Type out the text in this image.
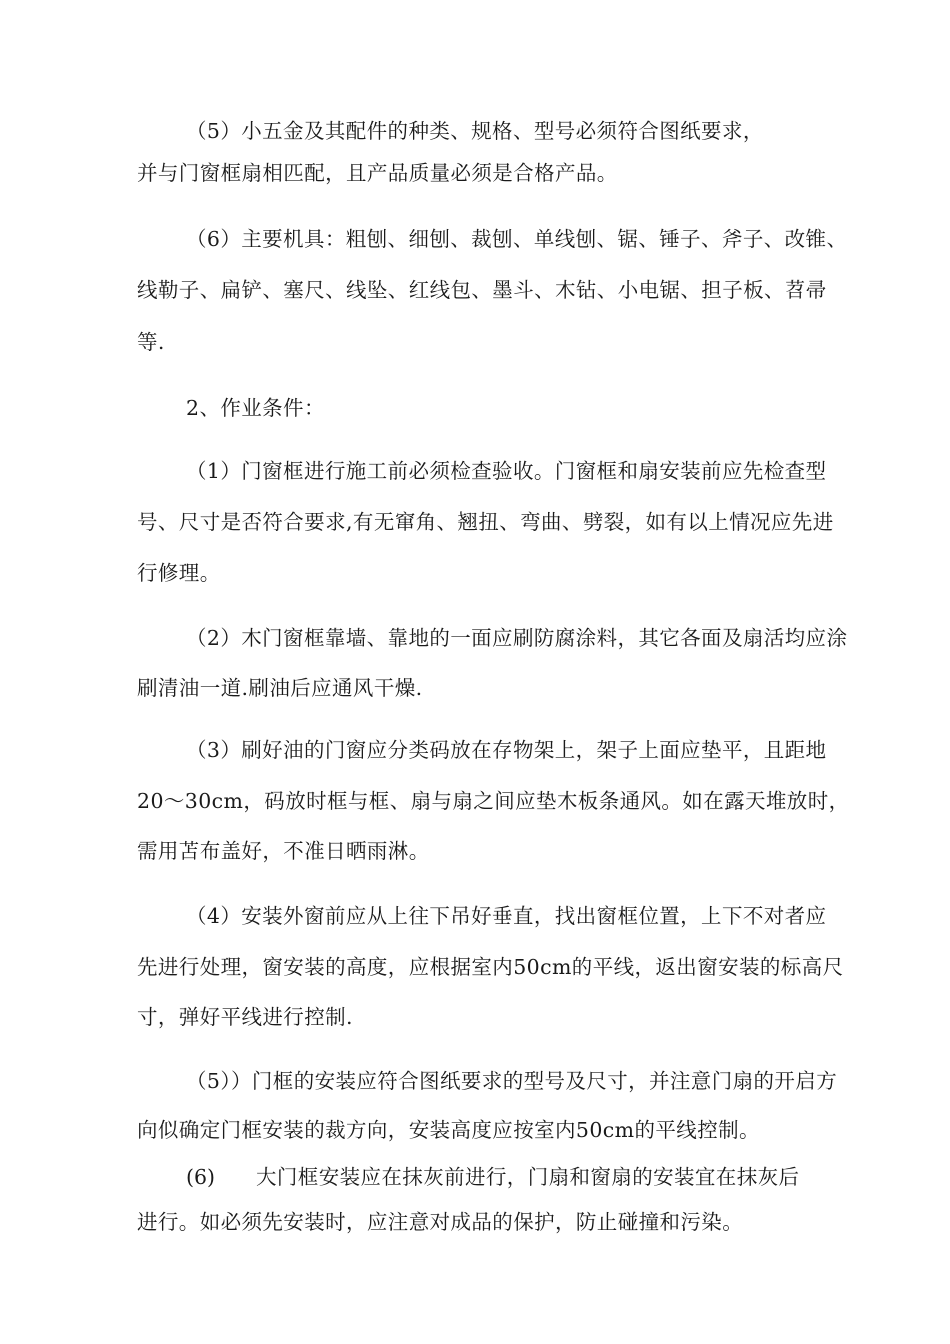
（5）小五金及其配件的种类、规格、型号必须符合图纸要求，
并与门窗框扇相匹配，且产品质量必须是合格产品。
（6）主要机具：粗刨、细刨、裁刨、单线刨、锯、锤子、斧子、改锥、
线勒子、扁铲、塞尺、线坠、红线包、墨斗、木钻、小电锯、担子板、苕帚
等.
2、作业条件：
（1）门窗框进行施工前必须检查验收。门窗框和扇安装前应先检查型
号、尺寸是否符合要求,有无窜角、翘扭、弯曲、劈裂，如有以上情况应先进
行修理。
（2）木门窗框靠墙、靠地的一面应刷防腐涂料，其它各面及扇活均应涂
刷清油一道.刷油后应通风干燥.
（3）刷好油的门窗应分类码放在存物架上，架子上面应垫平，且距地
20〜30cm，码放时框与框、扇与扇之间应垫木板条通风。如在露天堆放时，
需用苫布盖好，不准日晒雨淋。
（4）安装外窗前应从上往下吊好垂直，找出窗框位置，上下不对者应
先进行处理，窗安装的高度，应根据室内50cm的平线，返出窗安装的标高尺
寸，弹好平线进行控制.
（5））门框的安装应符合图纸要求的型号及尺寸，并注意门扇的开启方
向似确定门框安装的裁方向，安装高度应按室内50cm的平线控制。
(6) 大门框安装应在抹灰前进行，门扇和窗扇的安装宜在抹灰后
进行。如必须先安装时，应注意对成品的保护，防止碰撞和污染。
